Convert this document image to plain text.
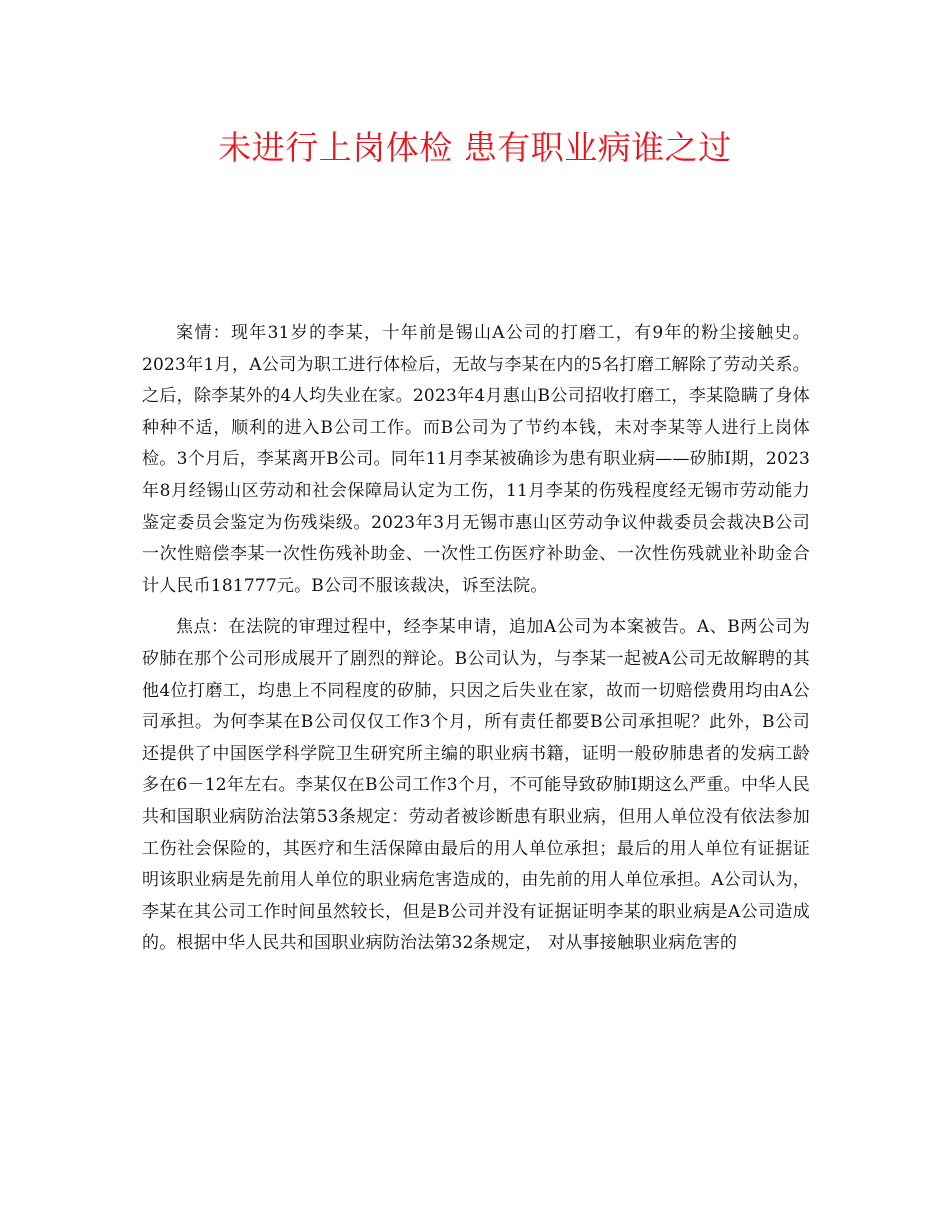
未进行上岗体检 患有职业病谁之过

案情：现年31岁的李某，十年前是锡山A公司的打磨工，有9年的粉尘接触史。2023年1月，A公司为职工进行体检后，无故与李某在内的5名打磨工解除了劳动关系。之后，除李某外的4人均失业在家。2023年4月惠山B公司招收打磨工，李某隐瞒了身体种种不适，顺利的进入B公司工作。而B公司为了节约本钱，未对李某等人进行上岗体检。3个月后，李某离开B公司。同年11月李某被确诊为患有职业病——矽肺Ⅰ期，2023年8月经锡山区劳动和社会保障局认定为工伤，11月李某的伤残程度经无锡市劳动能力鉴定委员会鉴定为伤残柒级。2023年3月无锡市惠山区劳动争议仲裁委员会裁决B公司一次性赔偿李某一次性伤残补助金、一次性工伤医疗补助金、一次性伤残就业补助金合计人民币181777元。B公司不服该裁决，诉至法院。

焦点：在法院的审理过程中，经李某申请，追加A公司为本案被告。A、B两公司为矽肺在那个公司形成展开了剧烈的辩论。B公司认为，与李某一起被A公司无故解聘的其他4位打磨工，均患上不同程度的矽肺，只因之后失业在家，故而一切赔偿费用均由A公司承担。为何李某在B公司仅仅工作3个月，所有责任都要B公司承担呢？此外，B公司还提供了中国医学科学院卫生研究所主编的职业病书籍，证明一般矽肺患者的发病工龄多在6－12年左右。李某仅在B公司工作3个月，不可能导致矽肺Ⅰ期这么严重。中华人民共和国职业病防治法第53条规定：劳动者被诊断患有职业病，但用人单位没有依法参加工伤社会保险的，其医疗和生活保障由最后的用人单位承担；最后的用人单位有证据证明该职业病是先前用人单位的职业病危害造成的，由先前的用人单位承担。A公司认为，李某在其公司工作时间虽然较长，但是B公司并没有证据证明李某的职业病是A公司造成的。根据中华人民共和国职业病防治法第32条规定， 对从事接触职业病危害的
